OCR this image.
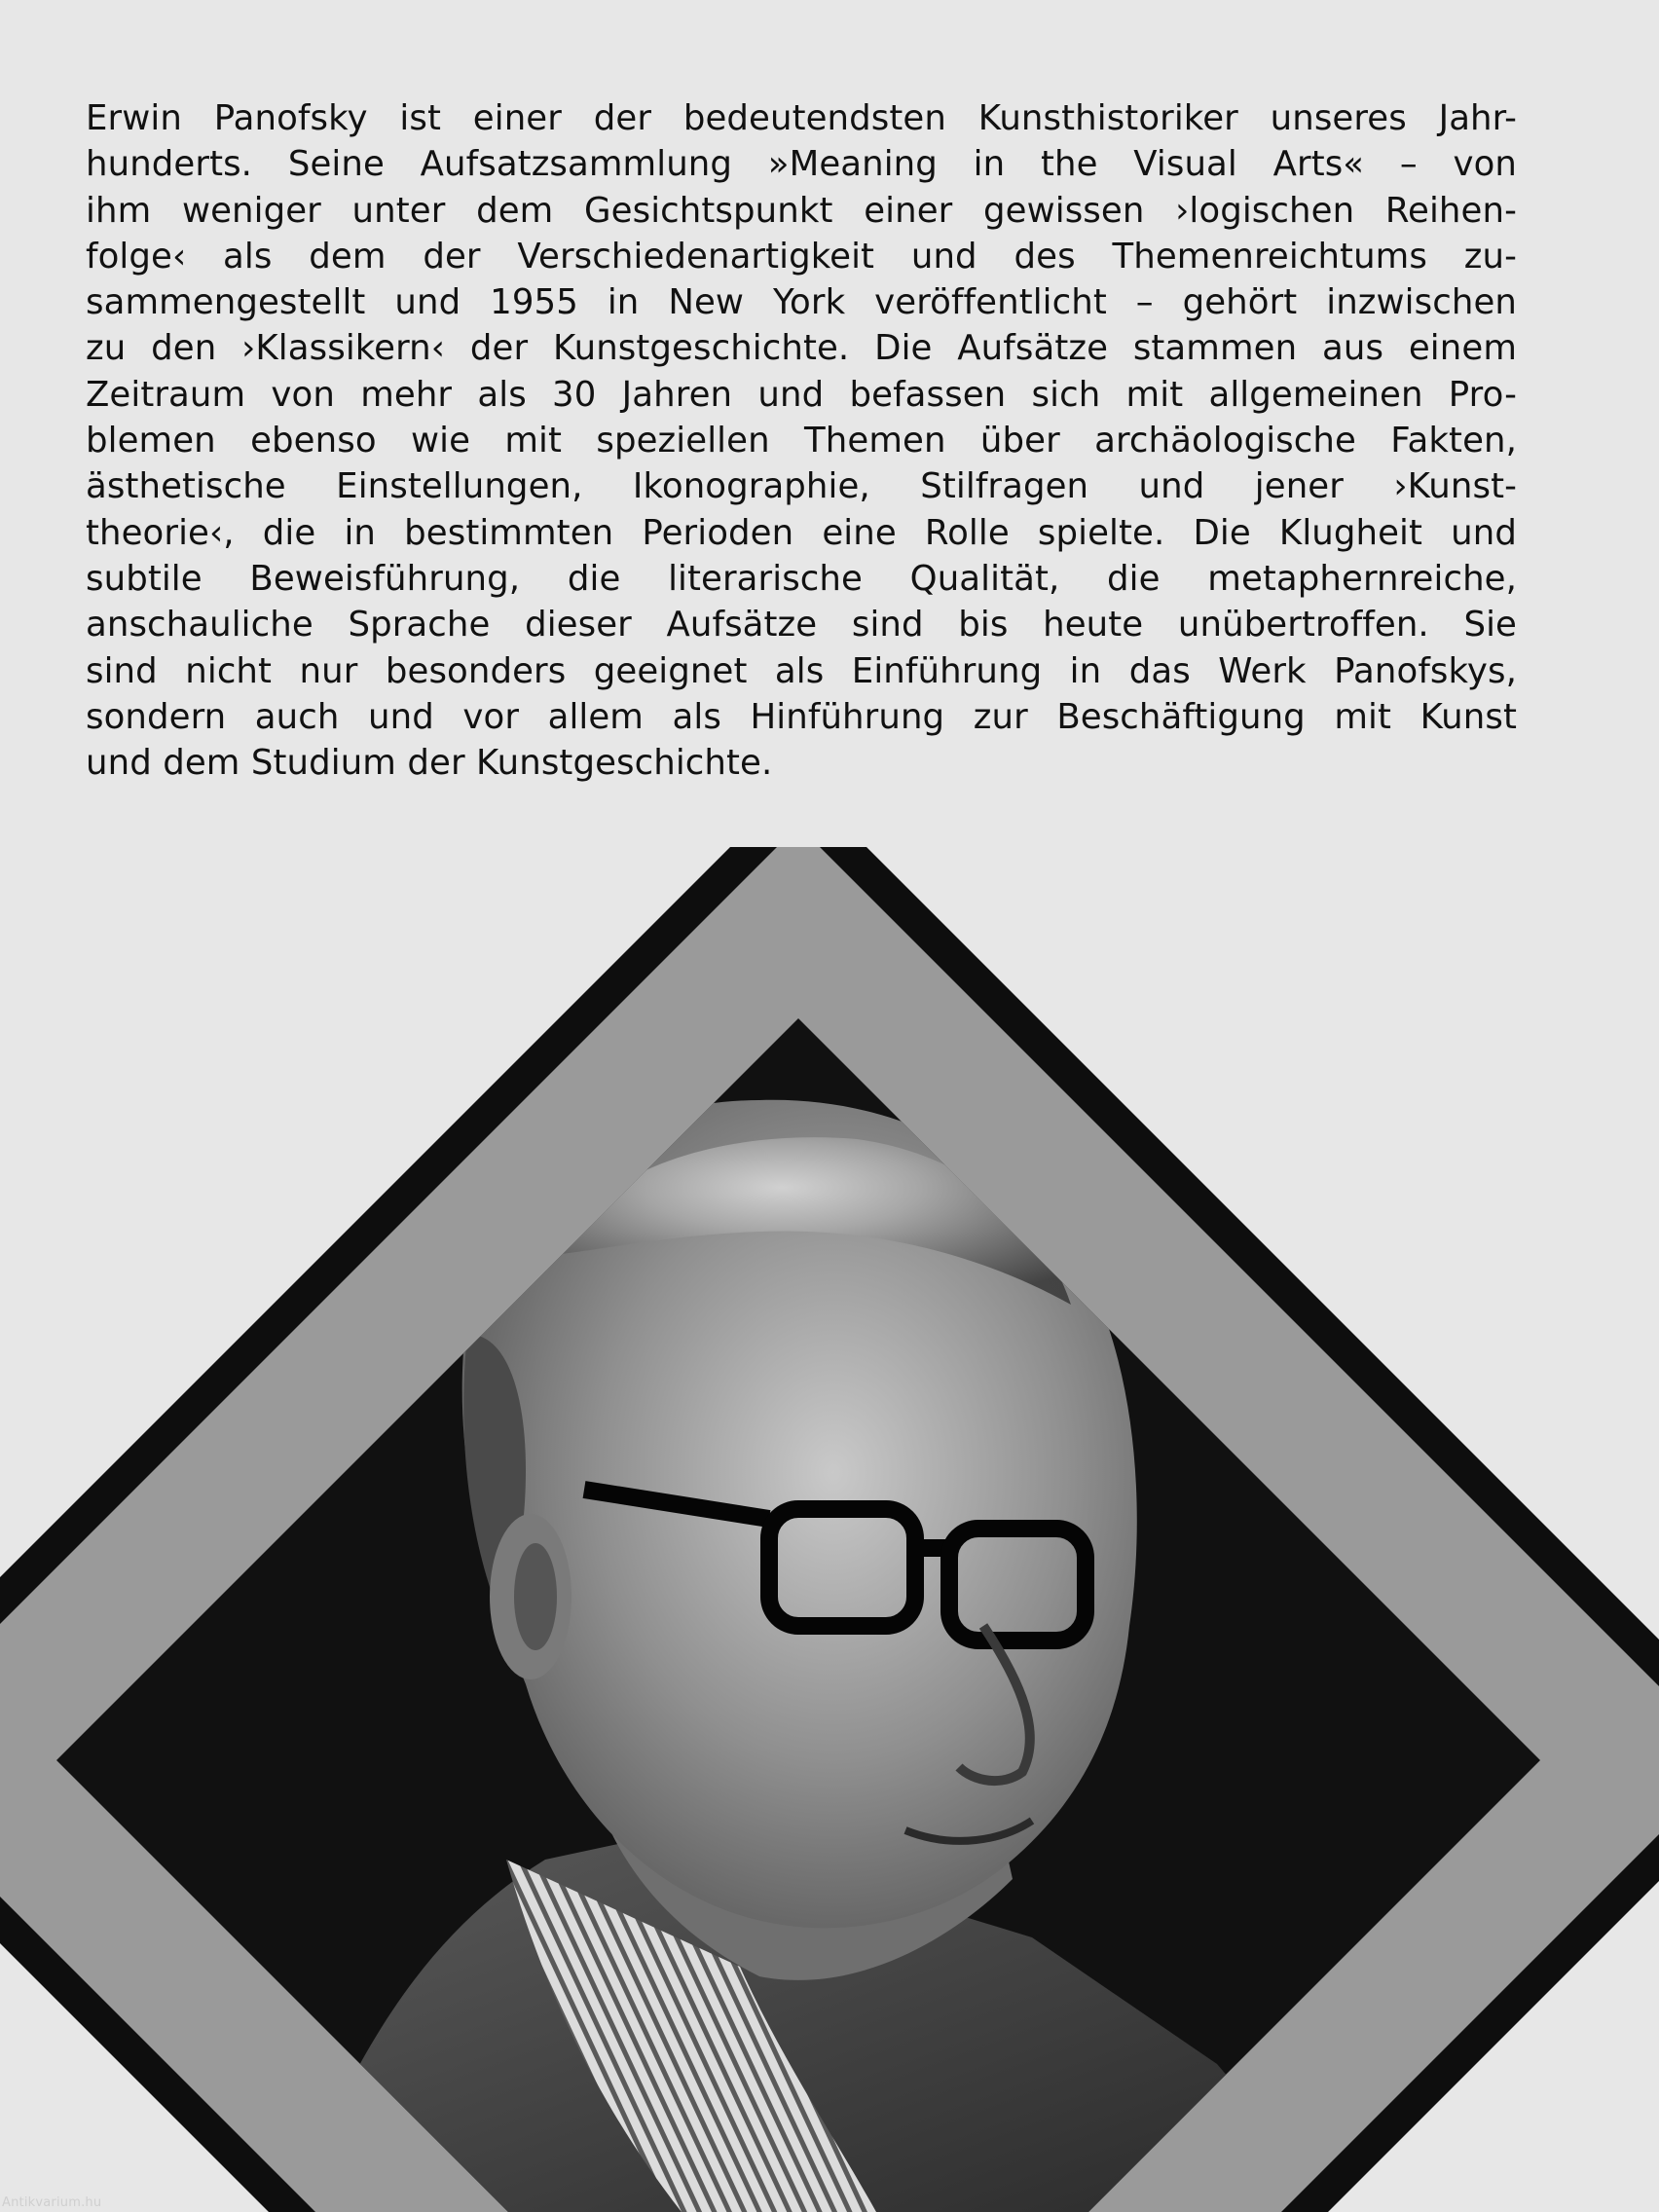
Erwin Panofsky ist einer der bedeutendsten Kunsthistoriker unseres Jahr-
hunderts. Seine Aufsatzsammlung »Meaning in the Visual Arts« – von
ihm weniger unter dem Gesichtspunkt einer gewissen ›logischen Reihen-
folge‹ als dem der Verschiedenartigkeit und des Themenreichtums zu-
sammengestellt und 1955 in New York veröffentlicht – gehört inzwischen
zu den ›Klassikern‹ der Kunstgeschichte. Die Aufsätze stammen aus einem
Zeitraum von mehr als 30 Jahren und befassen sich mit allgemeinen Pro-
blemen ebenso wie mit speziellen Themen über archäologische Fakten,
ästhetische Einstellungen, Ikonographie, Stilfragen und jener ›Kunst-
theorie‹, die in bestimmten Perioden eine Rolle spielte. Die Klugheit und
subtile Beweisführung, die literarische Qualität, die metaphernreiche,
anschauliche Sprache dieser Aufsätze sind bis heute unübertroffen. Sie
sind nicht nur besonders geeignet als Einführung in das Werk Panofskys,
sondern auch und vor allem als Hinführung zur Beschäftigung mit Kunst
und dem Studium der Kunstgeschichte.
Antikvarium.hu
